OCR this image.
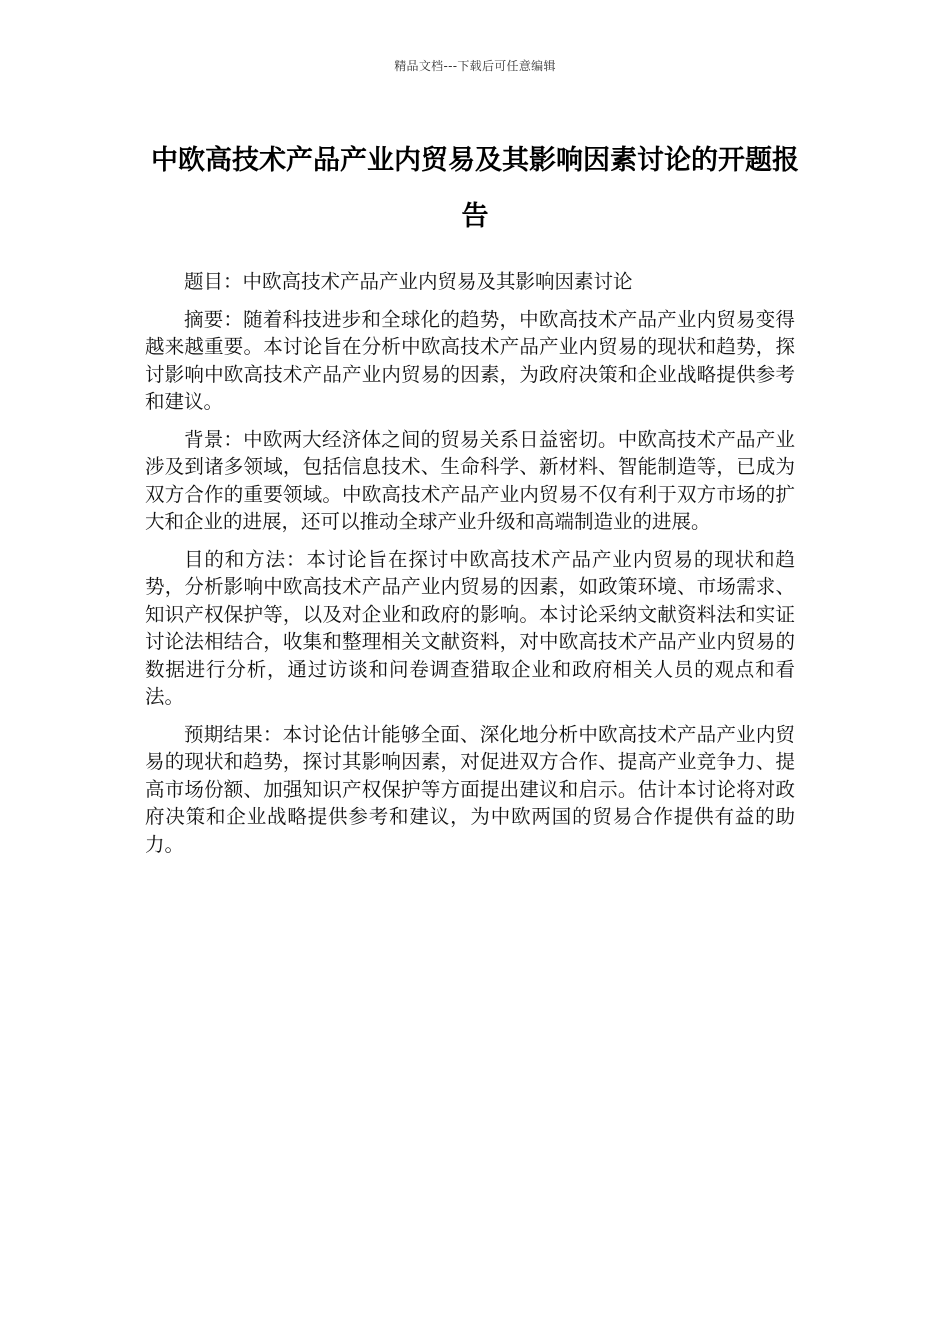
精品文档---下载后可任意编辑
中欧高技术产品产业内贸易及其影响因素讨论的开题报告

题目：中欧高技术产品产业内贸易及其影响因素讨论

摘要：随着科技进步和全球化的趋势，中欧高技术产品产业内贸易变得越来越重要。本讨论旨在分析中欧高技术产品产业内贸易的现状和趋势，探讨影响中欧高技术产品产业内贸易的因素，为政府决策和企业战略提供参考和建议。

背景：中欧两大经济体之间的贸易关系日益密切。中欧高技术产品产业涉及到诸多领域，包括信息技术、生命科学、新材料、智能制造等，已成为双方合作的重要领域。中欧高技术产品产业内贸易不仅有利于双方市场的扩大和企业的进展，还可以推动全球产业升级和高端制造业的进展。

目的和方法：本讨论旨在探讨中欧高技术产品产业内贸易的现状和趋势，分析影响中欧高技术产品产业内贸易的因素，如政策环境、市场需求、知识产权保护等，以及对企业和政府的影响。本讨论采纳文献资料法和实证讨论法相结合，收集和整理相关文献资料，对中欧高技术产品产业内贸易的数据进行分析，通过访谈和问卷调查猎取企业和政府相关人员的观点和看法。

预期结果：本讨论估计能够全面、深化地分析中欧高技术产品产业内贸易的现状和趋势，探讨其影响因素，对促进双方合作、提高产业竞争力、提高市场份额、加强知识产权保护等方面提出建议和启示。估计本讨论将对政府决策和企业战略提供参考和建议，为中欧两国的贸易合作提供有益的助力。
